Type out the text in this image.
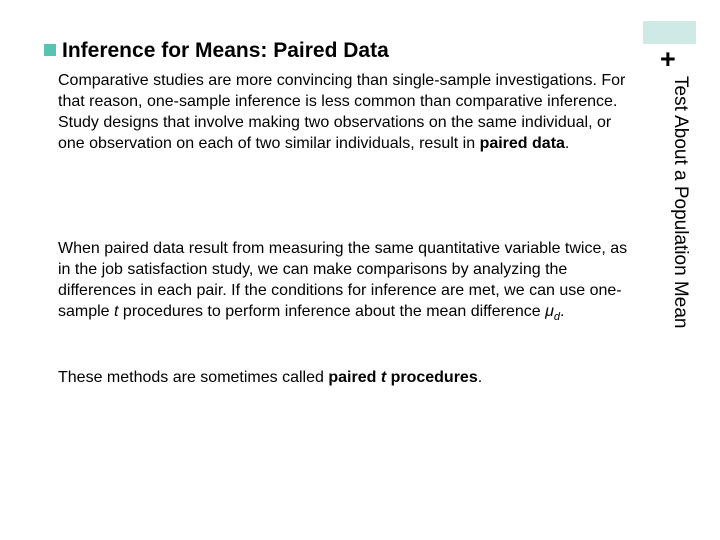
+
Test About a Population Mean
Inference for Means: Paired Data

Comparative studies are more convincing than single-sample investigations. For that reason, one-sample inference is less common than comparative inference. Study designs that involve making two observations on the same individual, or one observation on each of two similar individuals, result in paired data.

When paired data result from measuring the same quantitative variable twice, as in the job satisfaction study, we can make comparisons by analyzing the differences in each pair. If the conditions for inference are met, we can use one-sample t procedures to perform inference about the mean difference $\mu_d$.

These methods are sometimes called paired t procedures.
